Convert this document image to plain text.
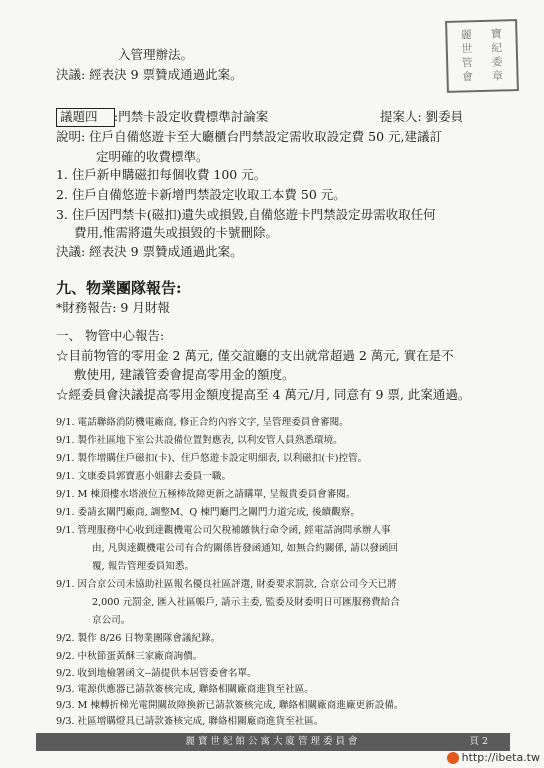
麗	寶
世	紀
管	委
會	章
入管理辦法。
決議: 經表決 9 票贊成通過此案。
議題四 :門禁卡設定收費標準討論案	提案人: 劉委員
說明: 住戶自備悠遊卡至大廳櫃台門禁設定需收取設定費 50 元,建議訂
定明確的收費標準。
1. 住戶新申購磁扣每個收費 100 元。
2. 住戶自備悠遊卡新增門禁設定收取工本費 50 元。
3. 住戶因門禁卡(磁扣)遺失或損毀,自備悠遊卡門禁設定毋需收取任何
費用,惟需將遺失或損毀的卡號刪除。
決議: 經表決 9 票贊成通過此案。
九、物業團隊報告:
*財務報告: 9 月財報
一、 物管中心報告:
☆目前物管的零用金 2 萬元, 僅交誼廳的支出就常超過 2 萬元, 實在是不
敷使用, 建議管委會提高零用金的額度。
☆經委員會決議提高零用金額度提高至 4 萬元/月, 同意有 9 票, 此案通過。
9/1. 電話聯絡消防機電廠商, 修正合約內容文字, 呈管理委員會審閱。
9/1. 製作社區地下室公共設備位置對應表, 以利安管人員熟悉環境。
9/1. 製作增購住戶磁扣(卡)、住戶悠遊卡設定明細表, 以利磁扣(卡)控管。
9/1. 文康委員郭寶惠小姐辭去委員一職。
9/1. M 棟頂樓水塔液位五極棒故障更新之請購單, 呈報貴委員會審閱。
9/1. 委請玄關門廠商, 調整M、Q 棟門廳門之關門力道完成, 後續觀察。
9/1. 管理服務中心收到達觀機電公司欠稅補繳執行命令函, 經電話詢問承辦人事
由, 凡與達觀機電公司有合約關係皆發函通知, 如無合約關係, 請以發函回
覆, 報告管理委員知悉。
9/1. 因合京公司未協助社區報名優良社區評選, 財委要求罰款, 合京公司今天已將
2,000 元罰金, 匯入社區帳戶, 請示主委, 監委及財委明日可匯服務費給合
京公司。
9/2. 製作 8/26 日物業團隊會議紀錄。
9/2. 中秋節蛋黃酥三家廠商詢價。
9/2. 收到地檢署函文--請提供本居管委會名單。
9/3. 電源供應器已請款簽核完成, 聯絡相關廠商進貨至社區。
9/3. M 棟轉折梯光電開關故障換新已請款簽核完成, 聯絡相關廠商進廠更新設備。
9/3. 社區增購燈具已請款簽核完成, 聯絡相關廠商進貨至社區。
麗寶世紀館公寓大廈管理委員會	頁 2
http://ibeta.tw
